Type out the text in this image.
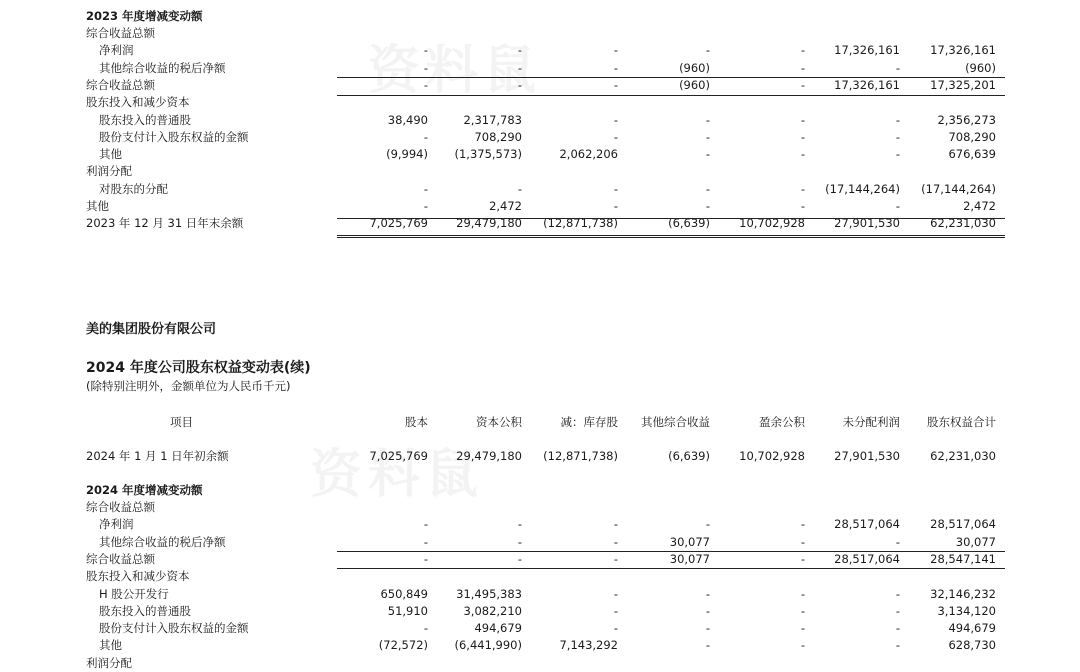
2023 年度增减变动额
综合收益总额
净利润	-	-	-	-	-	17,326,161	17,326,161
其他综合收益的税后净额	-	-	-	(960)	-	-	(960)
综合收益总额	-	-	-	(960)	-	17,326,161	17,325,201
股东投入和减少资本
股东投入的普通股	38,490	2,317,783	-	-	-	-	2,356,273
股份支付计入股东权益的金额	-	708,290	-	-	-	-	708,290
其他	(9,994) (1,375,573)	2,062,206	-	-	-	676,639
利润分配
对股东的分配	-	-	-	-	- (17,144,264) (17,144,264)
其他	-	2,472	-	-	-	-	2,472
2023 年 12 月 31 日年末余额	7,025,769 29,479,180 (12,871,738)	(6,639)	10,702,928	27,901,530	62,231,030
美的集团股份有限公司
2024 年度公司股东权益变动表(续)
(除特别注明外，金额单位为人民币千元)
项目	股本	资本公积	减：库存股 其他综合收益	盈余公积	未分配利润 股东权益合计
2024 年 1 月 1 日年初余额	7,025,769 29,479,180 (12,871,738)	(6,639)	10,702,928	27,901,530	62,231,030
2024 年度增减变动额
综合收益总额
净利润	-	-	-	-	-	28,517,064	28,517,064
其他综合收益的税后净额	-	-	-	30,077	-	-	30,077
综合收益总额	-	-	-	30,077	-	28,517,064	28,547,141
股东投入和减少资本
H 股公开发行	650,849 31,495,383	-	-	-	-	32,146,232
股东投入的普通股	51,910	3,082,210	-	-	-	-	3,134,120
股份支付计入股东权益的金额	-	494,679	-	-	-	-	494,679
其他	(72,572) (6,441,990)	7,143,292	-	-	-	628,730
利润分配
